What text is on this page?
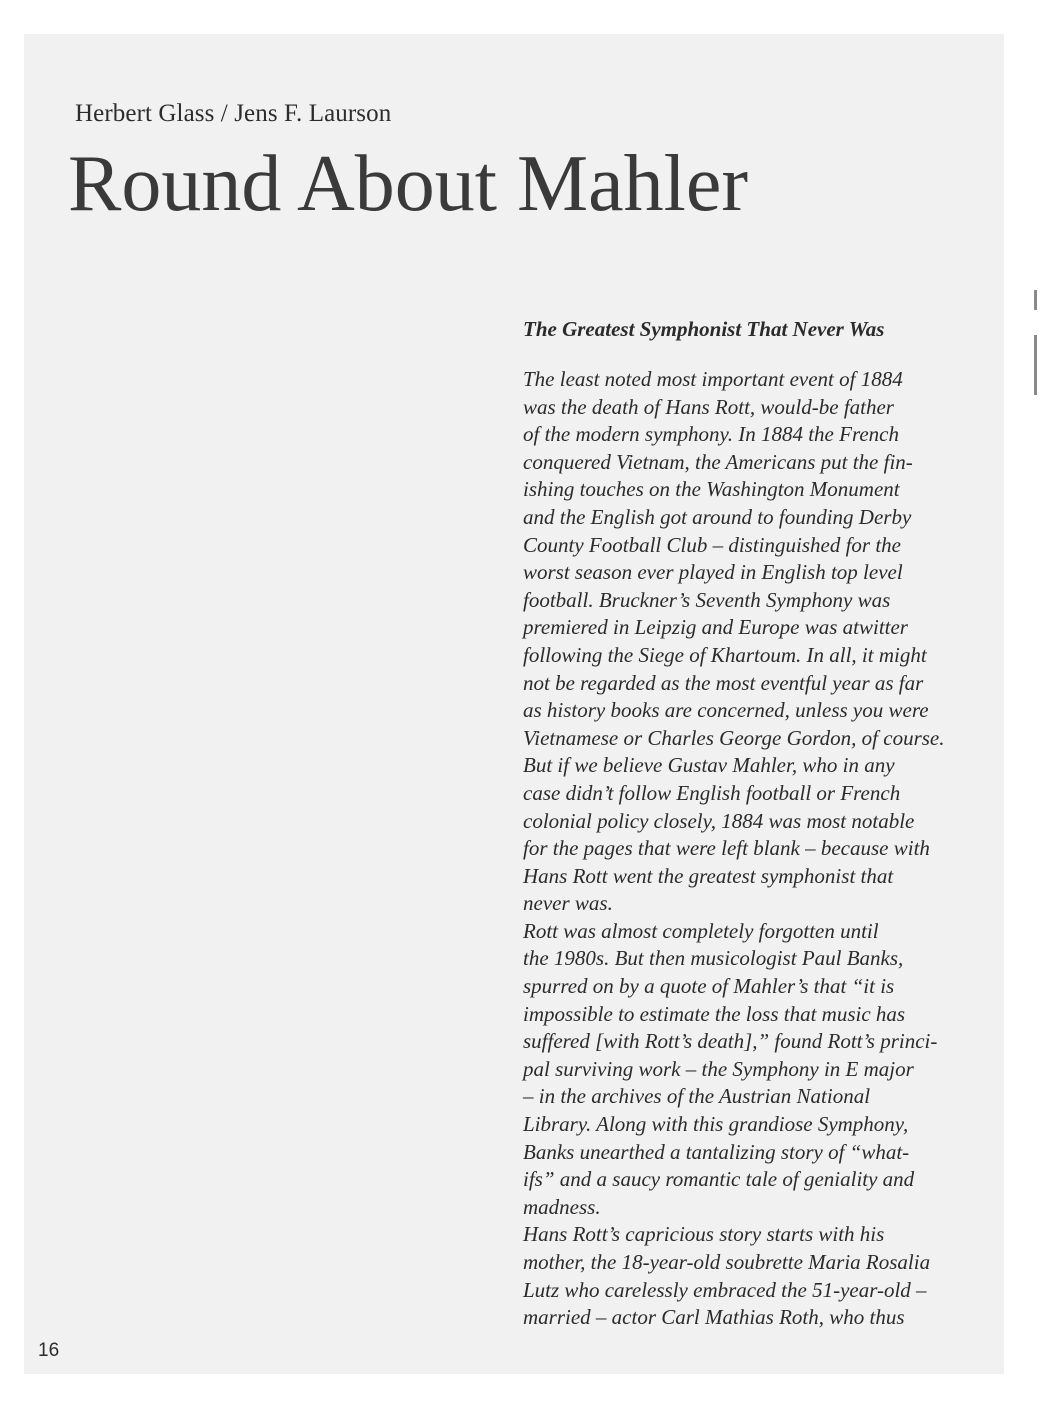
Herbert Glass / Jens F. Laurson
Round About Mahler
The Greatest Symphonist That Never Was
The least noted most important event of 1884
was the death of Hans Rott, would-be father
of the modern symphony. In 1884 the French
conquered Vietnam, the Americans put the fin-
ishing touches on the Washington Monument
and the English got around to founding Derby
County Football Club – distinguished for the
worst season ever played in English top level
football. Bruckner’s Seventh Symphony was
premiered in Leipzig and Europe was atwitter
following the Siege of Khartoum. In all, it might
not be regarded as the most eventful year as far
as history books are concerned, unless you were
Vietnamese or Charles George Gordon, of course.
But if we believe Gustav Mahler, who in any
case didn’t follow English football or French
colonial policy closely, 1884 was most notable
for the pages that were left blank – because with
Hans Rott went the greatest symphonist that
never was.
Rott was almost completely forgotten until
the 1980s. But then musicologist Paul Banks,
spurred on by a quote of Mahler’s that “it is
impossible to estimate the loss that music has
suffered [with Rott’s death],” found Rott’s princi-
pal surviving work – the Symphony in E major
– in the archives of the Austrian National
Library. Along with this grandiose Symphony,
Banks unearthed a tantalizing story of “what-
ifs” and a saucy romantic tale of geniality and
madness.
Hans Rott’s capricious story starts with his
mother, the 18-year-old soubrette Maria Rosalia
Lutz who carelessly embraced the 51-year-old –
married – actor Carl Mathias Roth, who thus
16
